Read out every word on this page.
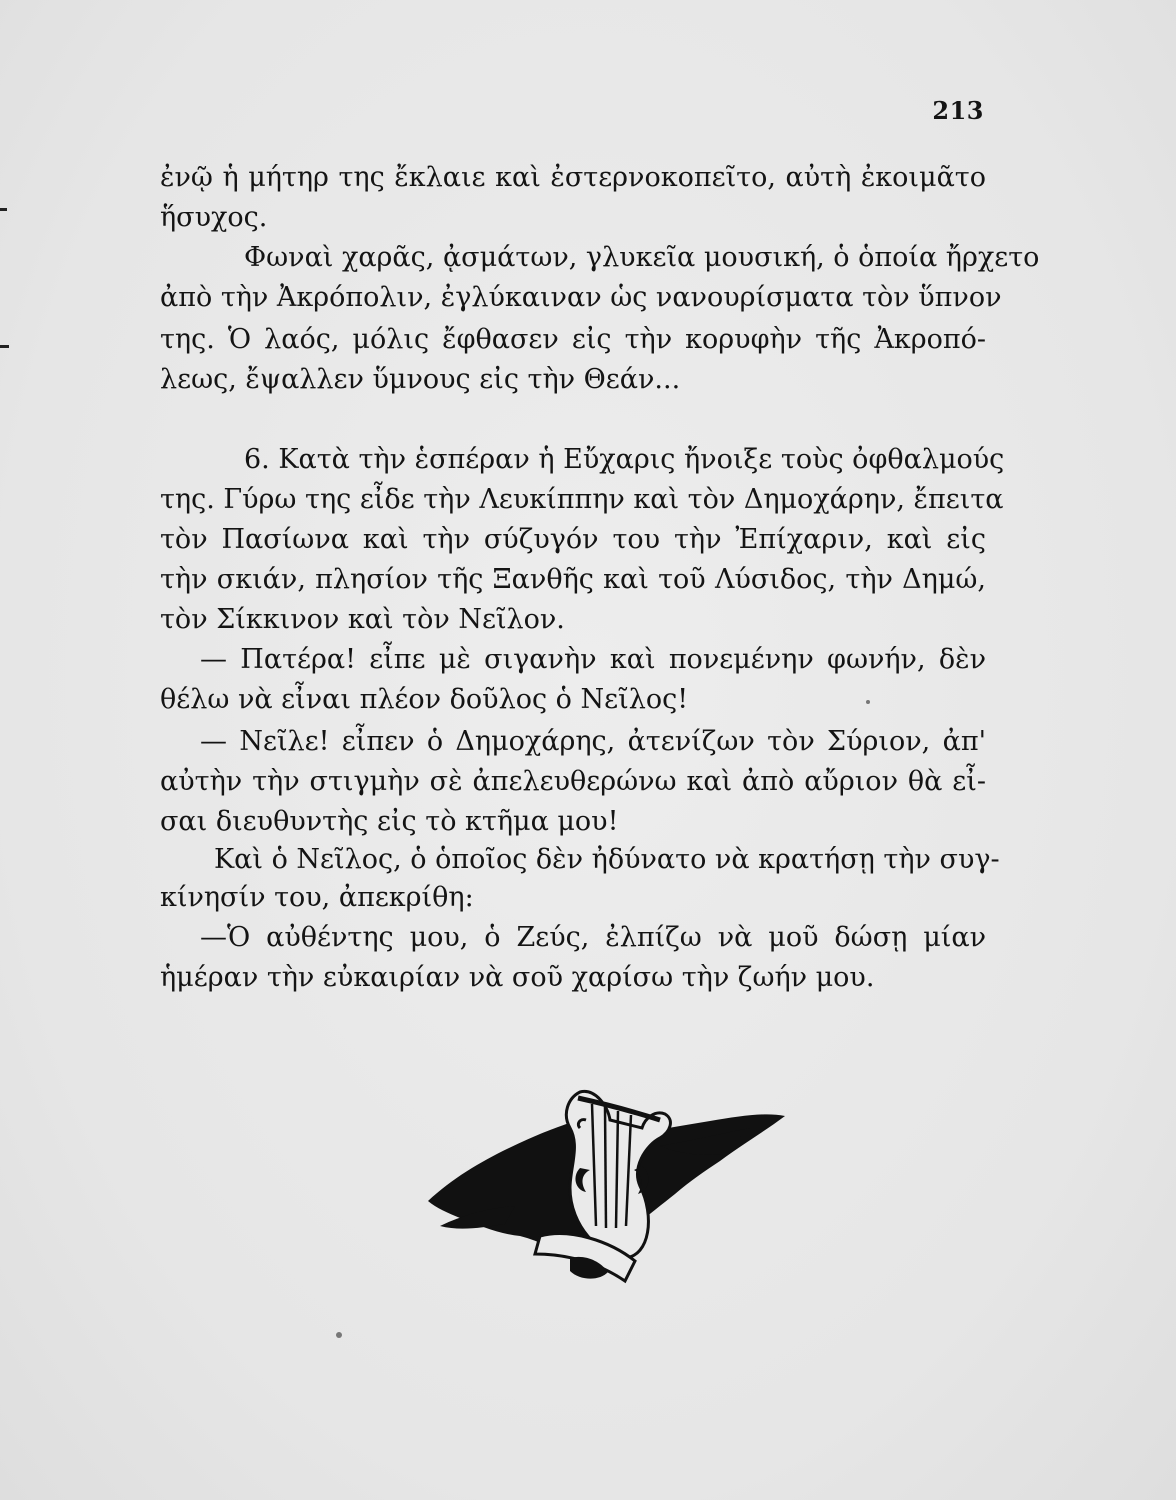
213
ἐνῷ ἡ μήτηρ της ἔκλαιε καὶ ἐστερνοκοπεῖτο, αὐτὴ ἐκοιμᾶτο
ἥσυχος.
Φωναὶ χαρᾶς, ᾀσμάτων, γλυκεῖα μουσική, ὁ ὁποία ἤρχετο
ἀπὸ τὴν Ἀκρόπολιν, ἐγλύκαιναν ὡς νανουρίσματα τὸν ὕπνον
της. Ὁ λαός, μόλις ἔφθασεν εἰς τὴν κορυφὴν τῆς Ἀκροπό-
λεως, ἔψαλλεν ὕμνους εἰς τὴν Θεάν...
6. Κατὰ τὴν ἑσπέραν ἡ Εὔχαρις ἤνοιξε τοὺς ὀφθαλμούς
της. Γύρω της εἶδε τὴν Λευκίππην καὶ τὸν Δημοχάρην, ἔπειτα
τὸν Πασίωνα καὶ τὴν σύζυγόν του τὴν Ἐπίχαριν, καὶ εἰς
τὴν σκιάν, πλησίον τῆς Ξανθῆς καὶ τοῦ Λύσιδος, τὴν Δημώ,
τὸν Σίκκινον καὶ τὸν Νεῖλον.
— Πατέρα! εἶπε μὲ σιγανὴν καὶ πονεμένην φωνήν, δὲν
θέλω νὰ εἶναι πλέον δοῦλος ὁ Νεῖλος!
— Νεῖλε! εἶπεν ὁ Δημοχάρης, ἀτενίζων τὸν Σύριον, ἀπ'
αὐτὴν τὴν στιγμὴν σὲ ἀπελευθερώνω καὶ ἀπὸ αὔριον θὰ εἶ-
σαι διευθυντὴς εἰς τὸ κτῆμα μου!
Καὶ ὁ Νεῖλος, ὁ ὁποῖος δὲν ἠδύνατο νὰ κρατήσῃ τὴν συγ-
κίνησίν του, ἀπεκρίθη:
—Ὁ αὐθέντης μου, ὁ Ζεύς, ἐλπίζω νὰ μοῦ δώσῃ μίαν
ἡμέραν τὴν εὐκαιρίαν νὰ σοῦ χαρίσω τὴν ζωήν μου.
